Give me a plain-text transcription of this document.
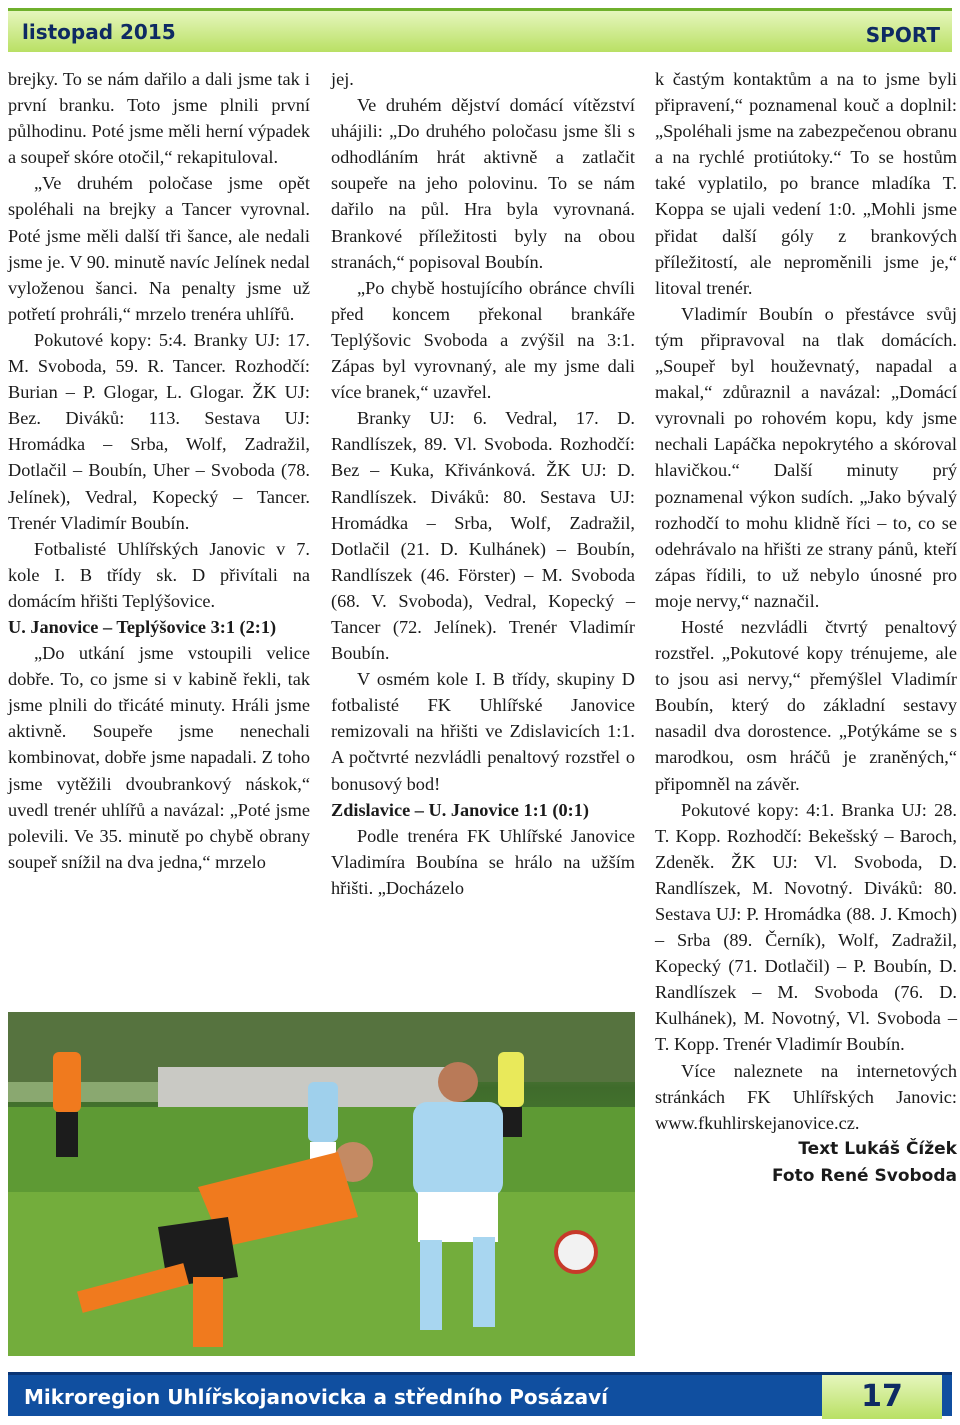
listopad 2015	SPORT

brejky. To se nám dařilo a dali jsme tak i první branku. Toto jsme plnili první půlhodinu. Poté jsme měli herní výpadek a soupeř skóre otočil,“ rekapituloval.

„Ve druhém poločase jsme opět spoléhali na brejky a Tancer vyrovnal. Poté jsme měli další tři šance, ale nedali jsme je. V 90. minutě navíc Jelínek nedal vyloženou šanci. Na penalty jsme už potřetí prohráli,“ mrzelo trenéra uhlířů.

Pokutové kopy: 5:4. Branky UJ: 17. M. Svoboda, 59. R. Tancer. Rozhodčí: Burian – P. Glogar, L. Glogar. ŽK UJ: Bez. Diváků: 113. Sestava UJ: Hromádka – Srba, Wolf, Zadražil, Dotlačil – Boubín, Uher – Svoboda (78. Jelínek), Vedral, Kopecký – Tancer. Trenér Vladimír Boubín.

Fotbalisté Uhlířských Janovic v 7. kole I. B třídy sk. D přivítali na domácím hřišti Teplýšovice.

U. Janovice – Teplýšovice 3:1 (2:1)

„Do utkání jsme vstoupili velice dobře. To, co jsme si v kabině řekli, tak jsme plnili do třicáté minuty. Hráli jsme aktivně. Soupeře jsme nenechali kombinovat, dobře jsme napadali. Z toho jsme vytěžili dvoubrankový náskok,“ uvedl trenér uhlířů a navázal: „Poté jsme polevili. Ve 35. minutě po chybě obrany soupeř snížil na dva jedna,“ mrzelo

jej.

Ve druhém dějství domácí vítězství uhájili: „Do druhého poločasu jsme šli s odhodláním hrát aktivně a zatlačit soupeře na jeho polovinu. To se nám dařilo na půl. Hra byla vyrovnaná. Brankové příležitosti byly na obou stranách,“ popisoval Boubín.

„Po chybě hostujícího obránce chvíli před koncem překonal brankáře Teplýšovic Svoboda a zvýšil na 3:1. Zápas byl vyrovnaný, ale my jsme dali více branek,“ uzavřel.

Branky UJ: 6. Vedral, 17. D. Randlíszek, 89. Vl. Svoboda. Rozhodčí: Bez – Kuka, Křivánková. ŽK UJ: D. Randlíszek. Diváků: 80. Sestava UJ: Hromádka – Srba, Wolf, Zadražil, Dotlačil (21. D. Kulhánek) – Boubín, Randlíszek (46. Förster) – M. Svoboda (68. V. Svoboda), Vedral, Kopecký – Tancer (72. Jelínek). Trenér Vladimír Boubín.

V osmém kole I. B třídy, skupiny D fotbalisté FK Uhlířské Janovice remizovali na hřišti ve Zdislavicích 1:1. A počtvrté nezvládli penaltový rozstřel o bonusový bod!

Zdislavice – U. Janovice 1:1 (0:1)

Podle trenéra FK Uhlířské Janovice Vladimíra Boubína se hrálo na užším hřišti. „Docházelo

k častým kontaktům a na to jsme byli připravení,“ poznamenal kouč a doplnil: „Spoléhali jsme na zabezpečenou obranu a na rychlé protiútoky.“ To se hostům také vyplatilo, po brance mladíka T. Koppa se ujali vedení 1:0. „Mohli jsme přidat další góly z brankových příležitostí, ale neproměnili jsme je,“ litoval trenér.

Vladimír Boubín o přestávce svůj tým připravoval na tlak domácích. „Soupeř byl houževnatý, napadal a makal,“ zdůraznil a navázal: „Domácí vyrovnali po rohovém kopu, kdy jsme nechali Lapáčka nepokrytého a skóroval hlavičkou.“ Další minuty prý poznamenal výkon sudích. „Jako bývalý rozhodčí to mohu klidně říci – to, co se odehrávalo na hřišti ze strany pánů, kteří zápas řídili, to už nebylo únosné pro moje nervy,“ naznačil.

Hosté nezvládli čtvrtý penaltový rozstřel. „Pokutové kopy trénujeme, ale to jsou asi nervy,“ přemýšlel Vladimír Boubín, který do základní sestavy nasadil dva dorostence. „Potýkáme se s marodkou, osm hráčů je zraněných,“ připomněl na závěr.

Pokutové kopy: 4:1. Branka UJ: 28. T. Kopp. Rozhodčí: Bekešský – Baroch, Zdeněk. ŽK UJ: Vl. Svoboda, D. Randlíszek, M. Novotný. Diváků: 80. Sestava UJ: P. Hromádka (88. J. Kmoch) – Srba (89. Černík), Wolf, Zadražil, Kopecký (71. Dotlačil) – P. Boubín, D. Randlíszek – M. Svoboda (76. D. Kulhánek), M. Novotný, Vl. Svoboda – T. Kopp. Trenér Vladimír Boubín.

Více naleznete na internetových stránkách FK Uhlířských Janovic: www.fkuhlirskejanovice.cz.

Text Lukáš Čížek

Foto René Svoboda

Mikroregion Uhlířskojanovicka a středního Posázaví	17
